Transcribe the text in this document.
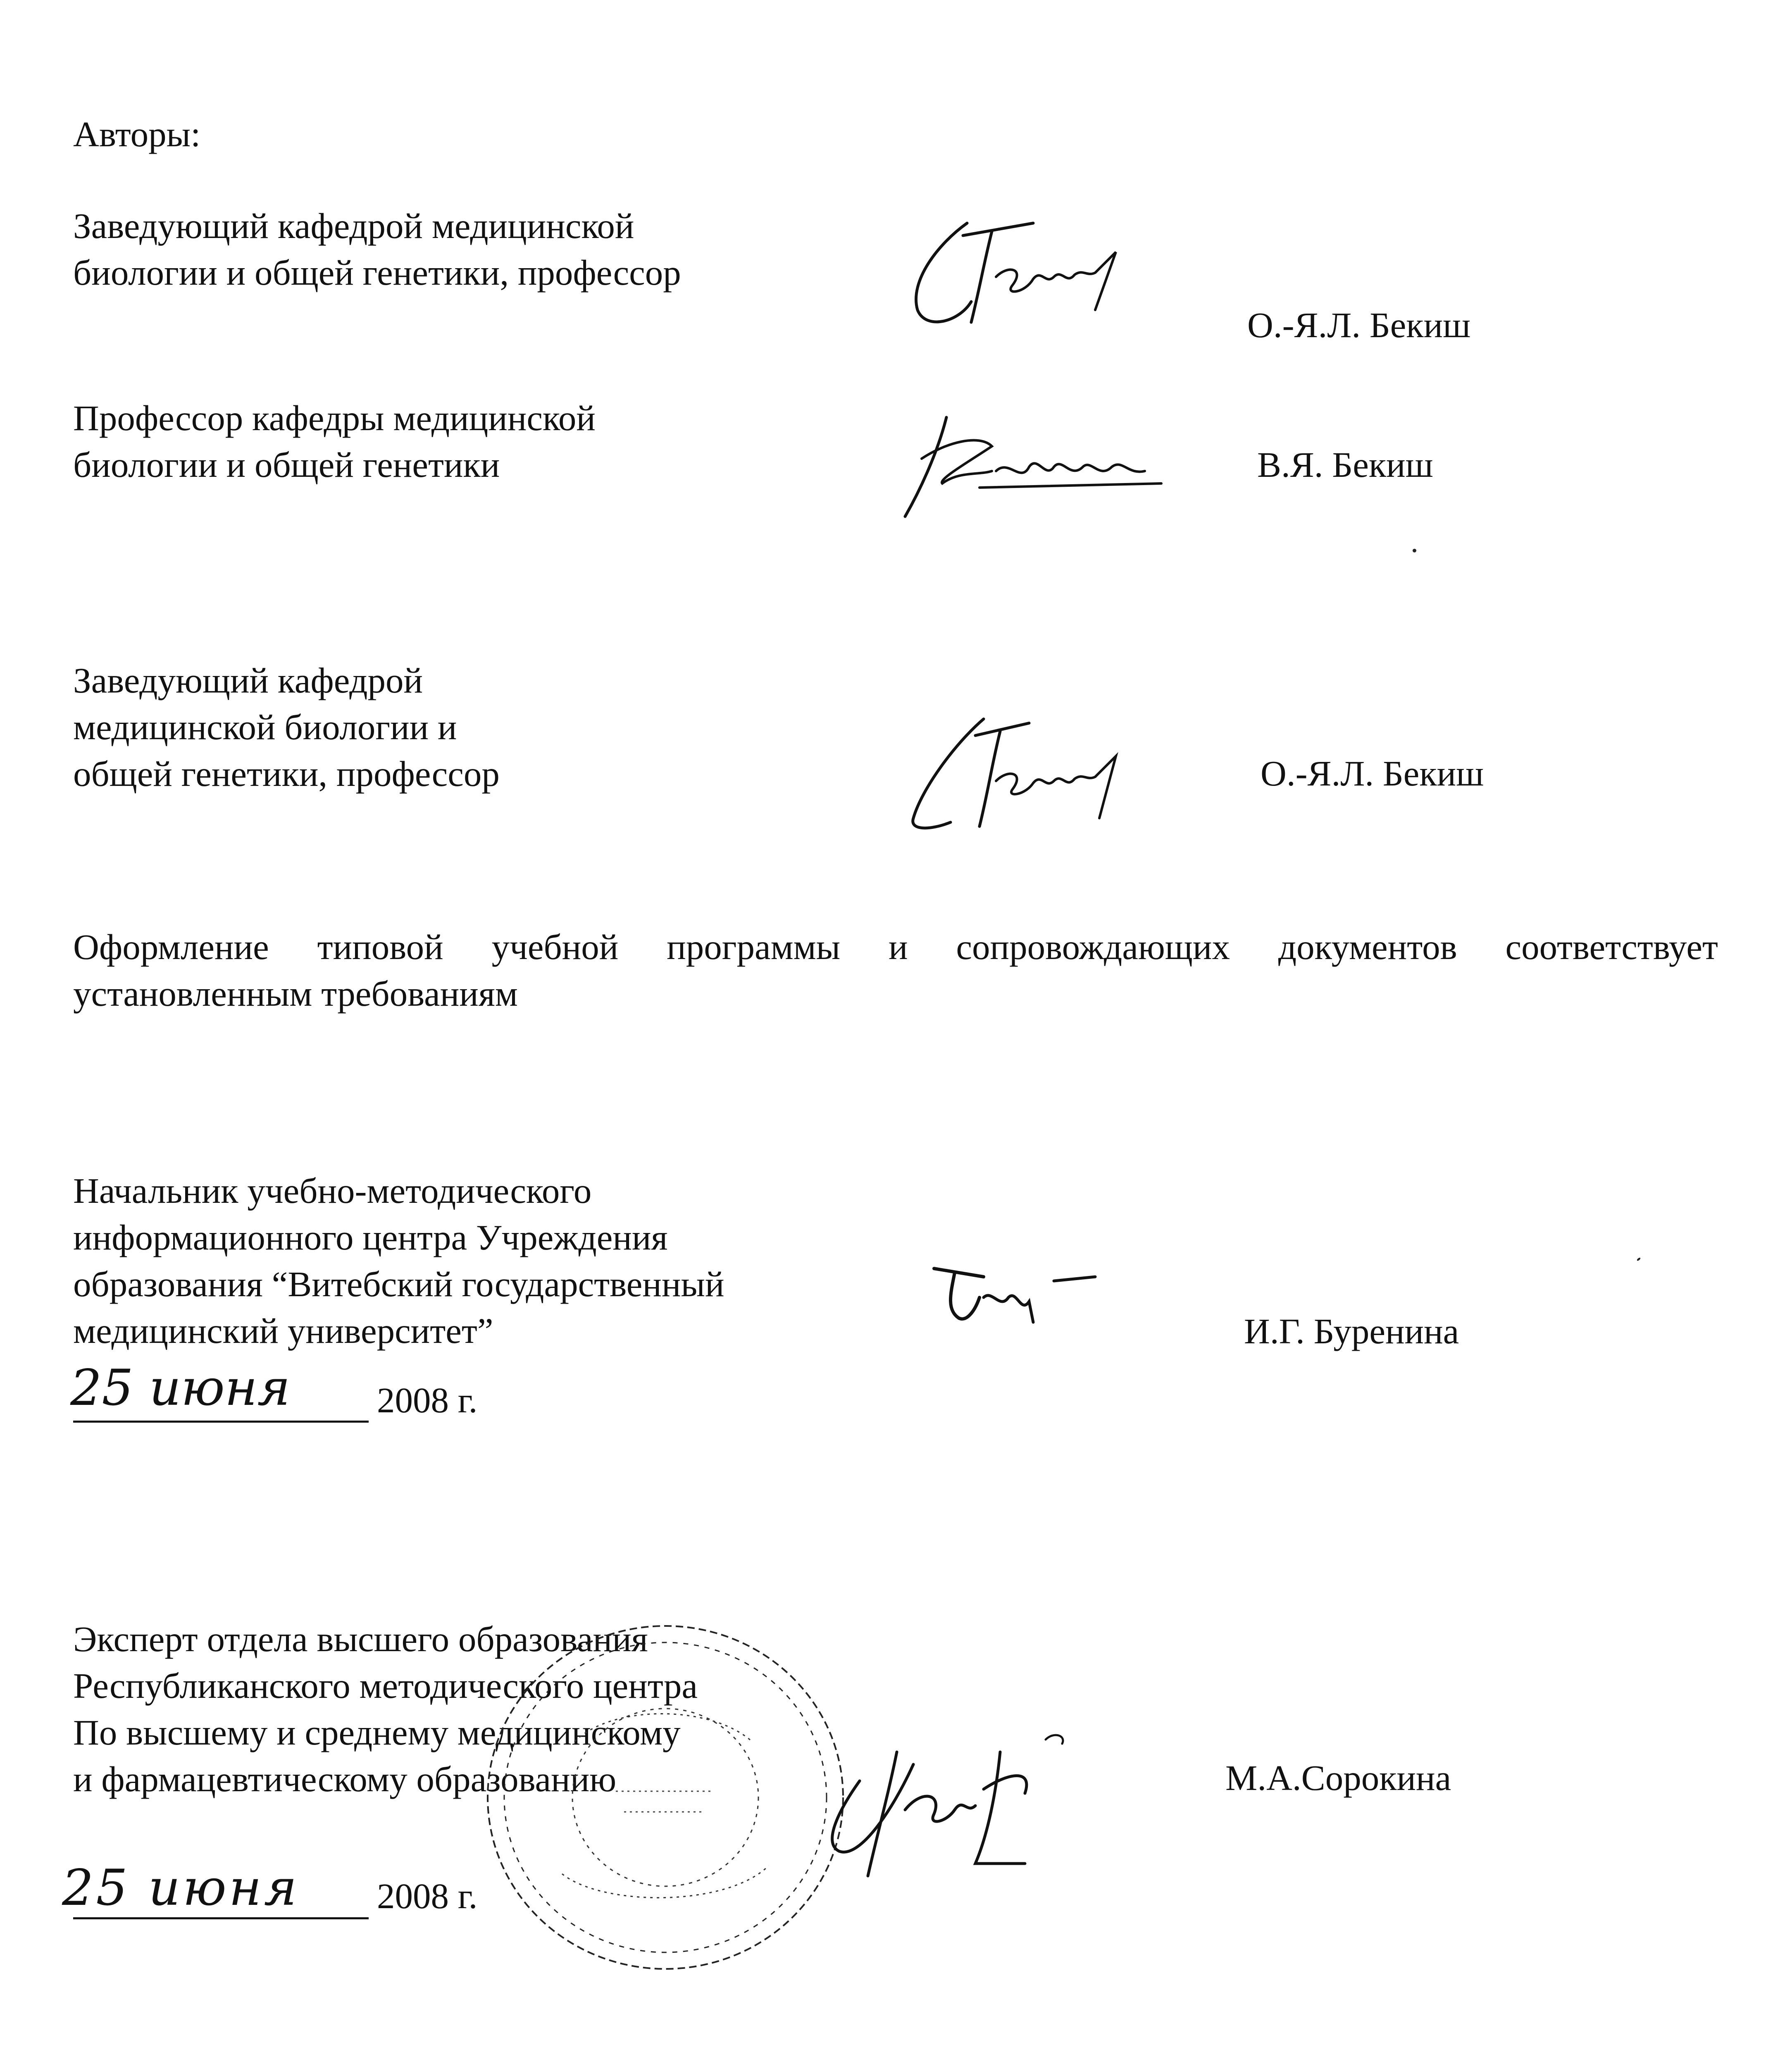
Авторы:

Заведующий кафедрой медицинской
биологии и общей генетики, профессор

О.-Я.Л. Бекиш

Профессор кафедры медицинской
биологии и общей генетики	В.Я. Бекиш

Заведующий кафедрой
медицинской биологии и
общей генетики, профессор	О.-Я.Л. Бекиш

Оформление типовой учебной программы и сопровождающих документов соответствует
установленным требованиям
Начальник учебно-методического
информационного центра Учреждения
образования “Витебский государственный
медицинский университет”	И.Г. Буренина

25 июня 2008 г.
Эксперт отдела высшего образования
Республиканского методического центра
По высшему и среднему медицинскому
и фармацевтическому образованию	М.А.Сорокина

25 июня 2008 г.
